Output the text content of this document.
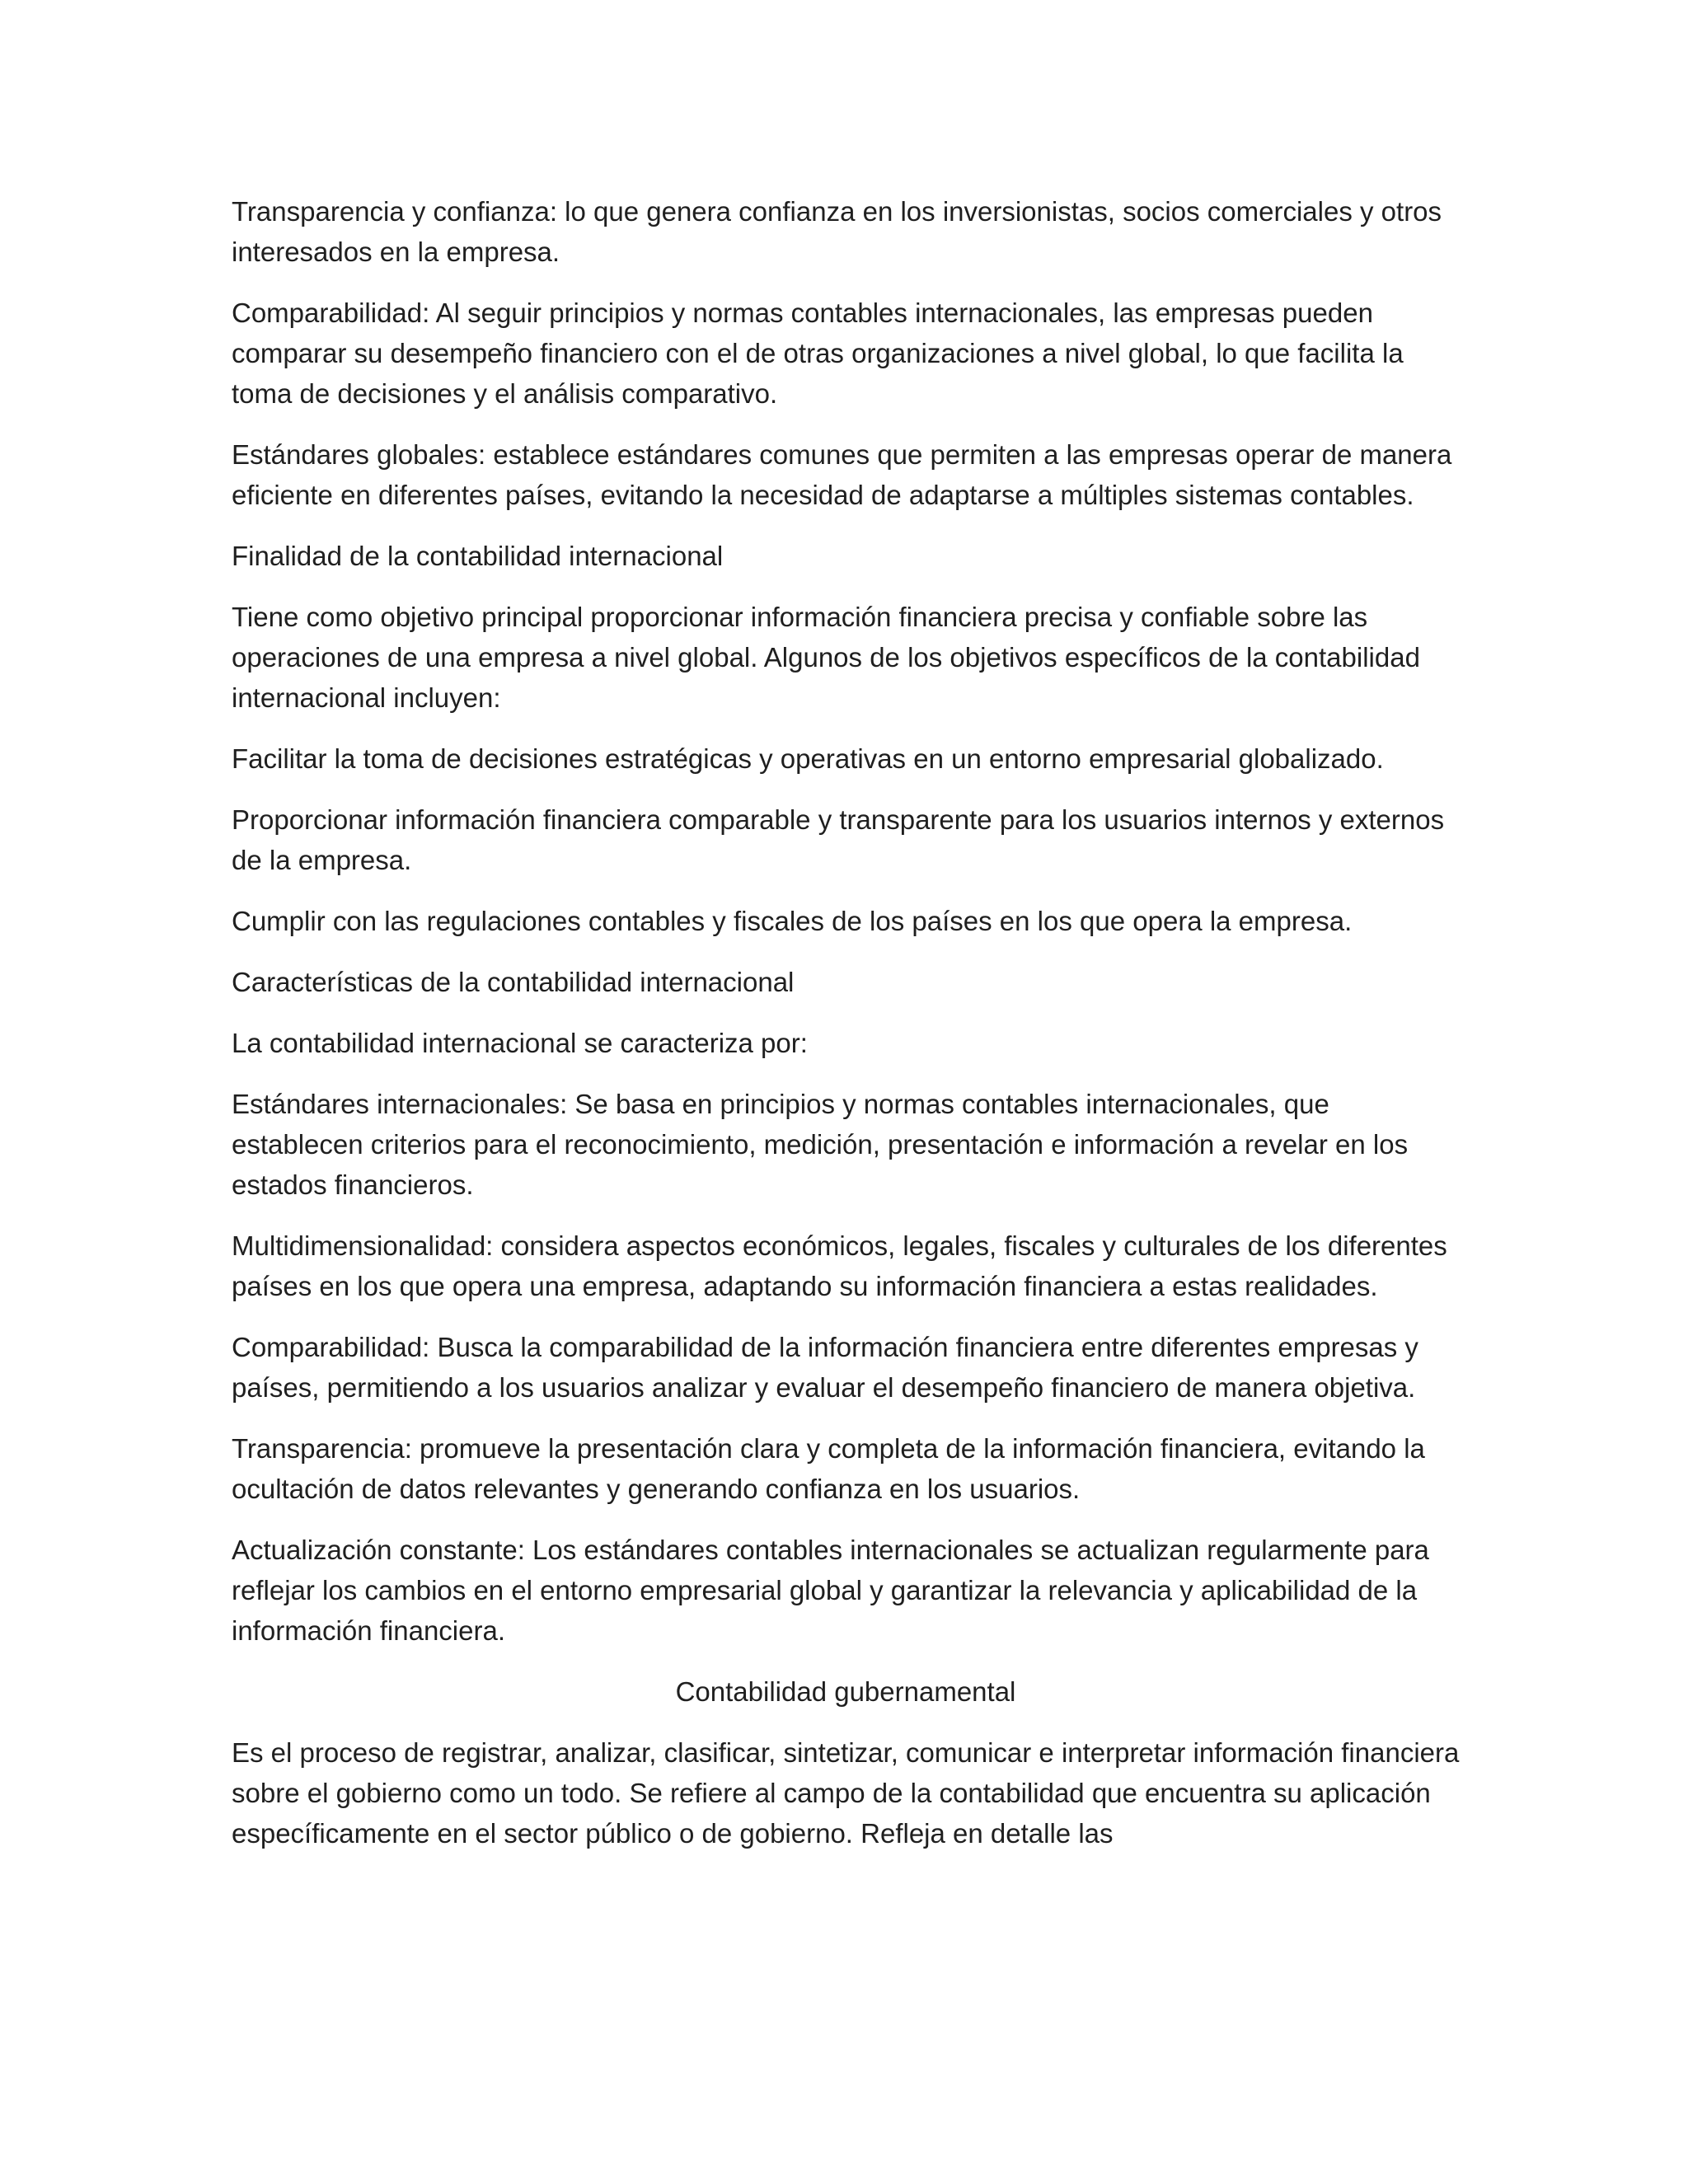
Transparencia y confianza: lo que genera confianza en los inversionistas, socios comerciales y otros interesados en la empresa.

Comparabilidad: Al seguir principios y normas contables internacionales, las empresas pueden comparar su desempeño financiero con el de otras organizaciones a nivel global, lo que facilita la toma de decisiones y el análisis comparativo.

Estándares globales: establece estándares comunes que permiten a las empresas operar de manera eficiente en diferentes países, evitando la necesidad de adaptarse a múltiples sistemas contables.

Finalidad de la contabilidad internacional

Tiene como objetivo principal proporcionar información financiera precisa y confiable sobre las operaciones de una empresa a nivel global. Algunos de los objetivos específicos de la contabilidad internacional incluyen:

Facilitar la toma de decisiones estratégicas y operativas en un entorno empresarial globalizado.

Proporcionar información financiera comparable y transparente para los usuarios internos y externos de la empresa.

Cumplir con las regulaciones contables y fiscales de los países en los que opera la empresa.

Características de la contabilidad internacional

La contabilidad internacional se caracteriza por:

Estándares internacionales: Se basa en principios y normas contables internacionales, que establecen criterios para el reconocimiento, medición, presentación e información a revelar en los estados financieros.

Multidimensionalidad: considera aspectos económicos, legales, fiscales y culturales de los diferentes países en los que opera una empresa, adaptando su información financiera a estas realidades.

Comparabilidad: Busca la comparabilidad de la información financiera entre diferentes empresas y países, permitiendo a los usuarios analizar y evaluar el desempeño financiero de manera objetiva.

Transparencia: promueve la presentación clara y completa de la información financiera, evitando la ocultación de datos relevantes y generando confianza en los usuarios.

Actualización constante: Los estándares contables internacionales se actualizan regularmente para reflejar los cambios en el entorno empresarial global y garantizar la relevancia y aplicabilidad de la información financiera.

Contabilidad gubernamental

Es el proceso de registrar, analizar, clasificar, sintetizar, comunicar e interpretar información financiera sobre el gobierno como un todo. Se refiere al campo de la contabilidad que encuentra su aplicación específicamente en el sector público o de gobierno. Refleja en detalle las
